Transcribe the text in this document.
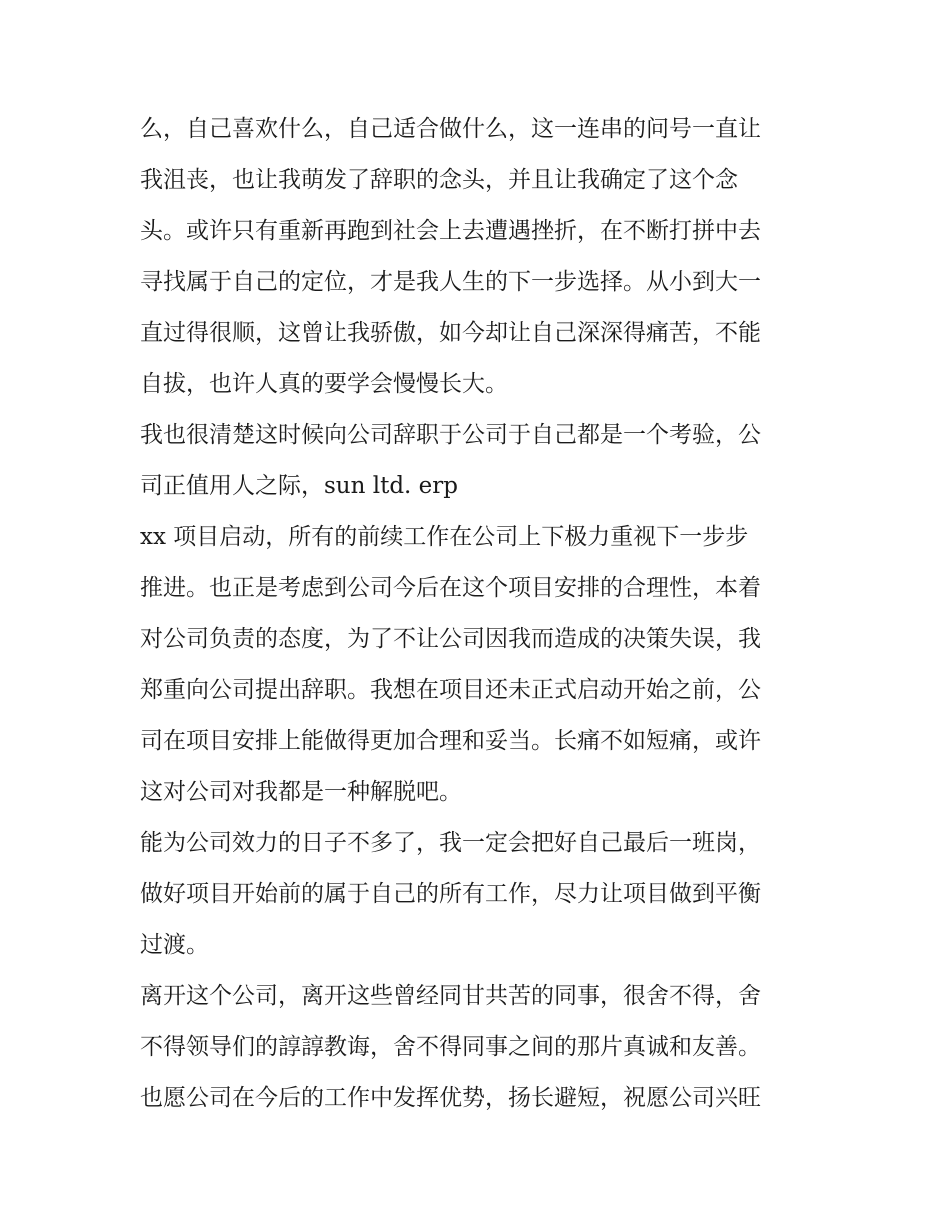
么，自己喜欢什么，自己适合做什么，这一连串的问号一直让
我沮丧，也让我萌发了辞职的念头，并且让我确定了这个念
头。或许只有重新再跑到社会上去遭遇挫折，在不断打拼中去
寻找属于自己的定位，才是我人生的下一步选择。从小到大一
直过得很顺，这曾让我骄傲，如今却让自己深深得痛苦，不能
自拔，也许人真的要学会慢慢长大。
我也很清楚这时候向公司辞职于公司于自己都是一个考验，公
司正值用人之际，sun ltd. erp
xx 项目启动，所有的前续工作在公司上下极力重视下一步步
推进。也正是考虑到公司今后在这个项目安排的合理性，本着
对公司负责的态度，为了不让公司因我而造成的决策失误，我
郑重向公司提出辞职。我想在项目还未正式启动开始之前，公
司在项目安排上能做得更加合理和妥当。长痛不如短痛，或许
这对公司对我都是一种解脱吧。
能为公司效力的日子不多了，我一定会把好自己最后一班岗，
做好项目开始前的属于自己的所有工作，尽力让项目做到平衡
过渡。
离开这个公司，离开这些曾经同甘共苦的同事，很舍不得，舍
不得领导们的諄諄教诲，舍不得同事之间的那片真诚和友善。
也愿公司在今后的工作中发挥优势，扬长避短，祝愿公司兴旺
